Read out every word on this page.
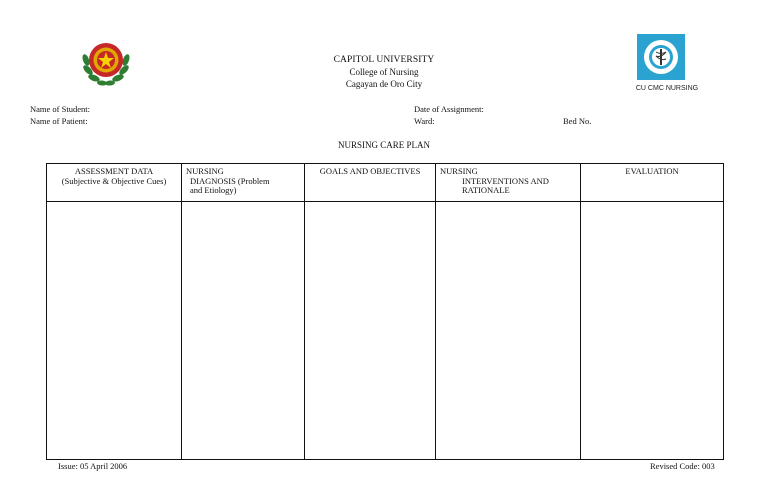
CAPITOL UNIVERSITY
College of Nursing
Cagayan de Oro City	CU CMC NURSING
Name of Student:
Name of Patient:
Date of Assignment:
Ward:	Bed No.
NURSING CARE PLAN
ASSESSMENT DATA
(Subjective & Objective Cues)	NURSING
DIAGNOSIS (Problem
and Etiology)	GOALS AND OBJECTIVES	NURSING
INTERVENTIONS AND
RATIONALE	EVALUATION

Issue: 05 April 2006	Revised Code: 003
